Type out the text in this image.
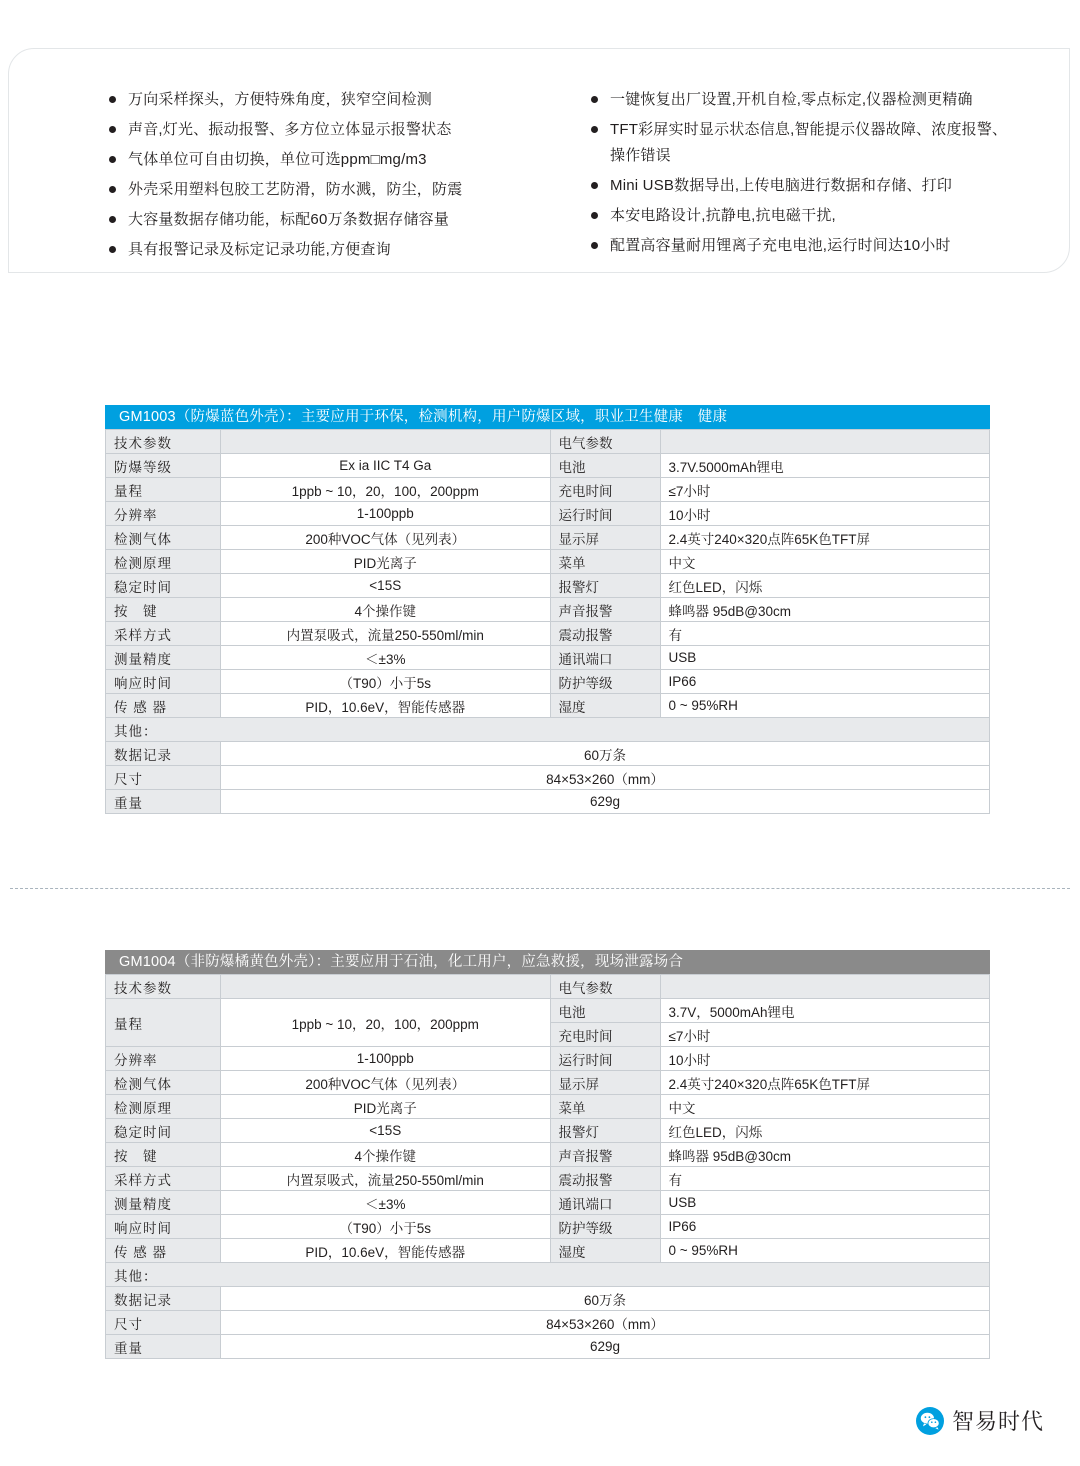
万向采样探头，方便特殊角度，狭窄空间检测
声音,灯光、振动报警、多方位立体显示报警状态
气体单位可自由切换，单位可选ppm□mg/m3
外壳采用塑料包胶工艺防滑，防水溅，防尘，防震
大容量数据存储功能，标配60万条数据存储容量
具有报警记录及标定记录功能,方便查询
一键恢复出厂设置,开机自检,零点标定,仪器检测更精确
TFT彩屏实时显示状态信息,智能提示仪器故障、浓度报警、操作错误
Mini USB数据导出,上传电脑进行数据和存储、打印
本安电路设计,抗静电,抗电磁干扰,
配置高容量耐用锂离子充电电池,运行时间达10小时
GM1003（防爆蓝色外壳）：主要应用于环保，检测机构，用户防爆区域，职业卫生健康　健康
技术参数		电气参数	
防爆等级	Ex ia IIC T4 Ga	电池	3.7V.5000mAh锂电
量程	1ppb ~ 10，20，100，200ppm	充电时间	≤7小时
分辨率	1-100ppb	运行时间	10小时
检测气体	200种VOC气体（见列表）	显示屏	2.4英寸240×320点阵65K色TFT屏
检测原理	PID光离子	菜单	中文
稳定时间	<15S	报警灯	红色LED，闪烁
按　键	4个操作键	声音报警	蜂鸣器 95dB@30cm
采样方式	内置泵吸式，流量250-550ml/min	震动报警	有
测量精度	＜±3%	通讯端口	USB
响应时间	（T90）小于5s	防护等级	IP66
传 感 器	PID，10.6eV，智能传感器	湿度	0 ~ 95%RH
其他：			
数据记录	60万条		
尺寸	84×53×260（mm）		
重量	629g		
GM1004（非防爆橘黄色外壳）：主要应用于石油，化工用户，应急救援，现场泄露场合
技术参数		电气参数	
量程	1ppb ~ 10，20，100，200ppm	电池	3.7V，5000mAh锂电
		充电时间	≤7小时
分辨率	1-100ppb	运行时间	10小时
检测气体	200种VOC气体（见列表）	显示屏	2.4英寸240×320点阵65K色TFT屏
检测原理	PID光离子	菜单	中文
稳定时间	<15S	报警灯	红色LED，闪烁
按　键	4个操作键	声音报警	蜂鸣器 95dB@30cm
采样方式	内置泵吸式，流量250-550ml/min	震动报警	有
测量精度	＜±3%	通讯端口	USB
响应时间	（T90）小于5s	防护等级	IP66
传 感 器	PID，10.6eV，智能传感器	湿度	0 ~ 95%RH
其他：			
数据记录	60万条		
尺寸	84×53×260（mm）		
重量	629g		
智易时代
